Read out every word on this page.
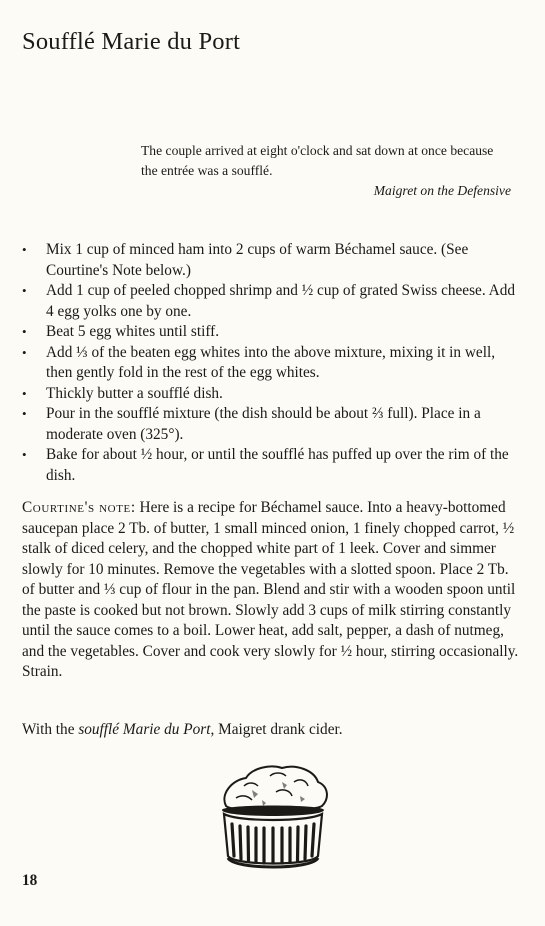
Soufflé Marie du Port
The couple arrived at eight o'clock and sat down at once because the entrée was a soufflé.
Maigret on the Defensive
• Mix 1 cup of minced ham into 2 cups of warm Béchamel sauce. (See Courtine's Note below.)
• Add 1 cup of peeled chopped shrimp and ½ cup of grated Swiss cheese. Add 4 egg yolks one by one.
• Beat 5 egg whites until stiff.
• Add ⅓ of the beaten egg whites into the above mixture, mixing it in well, then gently fold in the rest of the egg whites.
• Thickly butter a soufflé dish.
• Pour in the soufflé mixture (the dish should be about ⅔ full). Place in a moderate oven (325°).
• Bake for about ½ hour, or until the soufflé has puffed up over the rim of the dish.

Courtine's note: Here is a recipe for Béchamel sauce. Into a heavy-bottomed saucepan place 2 Tb. of butter, 1 small minced onion, 1 finely chopped carrot, ½ stalk of diced celery, and the chopped white part of 1 leek. Cover and simmer slowly for 10 minutes. Remove the vegetables with a slotted spoon. Place 2 Tb. of butter and ⅓ cup of flour in the pan. Blend and stir with a wooden spoon until the paste is cooked but not brown. Slowly add 3 cups of milk stirring constantly until the sauce comes to a boil. Lower heat, add salt, pepper, a dash of nutmeg, and the vegetables. Cover and cook very slowly for ½ hour, stirring occasionally. Strain.

With the soufflé Marie du Port, Maigret drank cider.

18
